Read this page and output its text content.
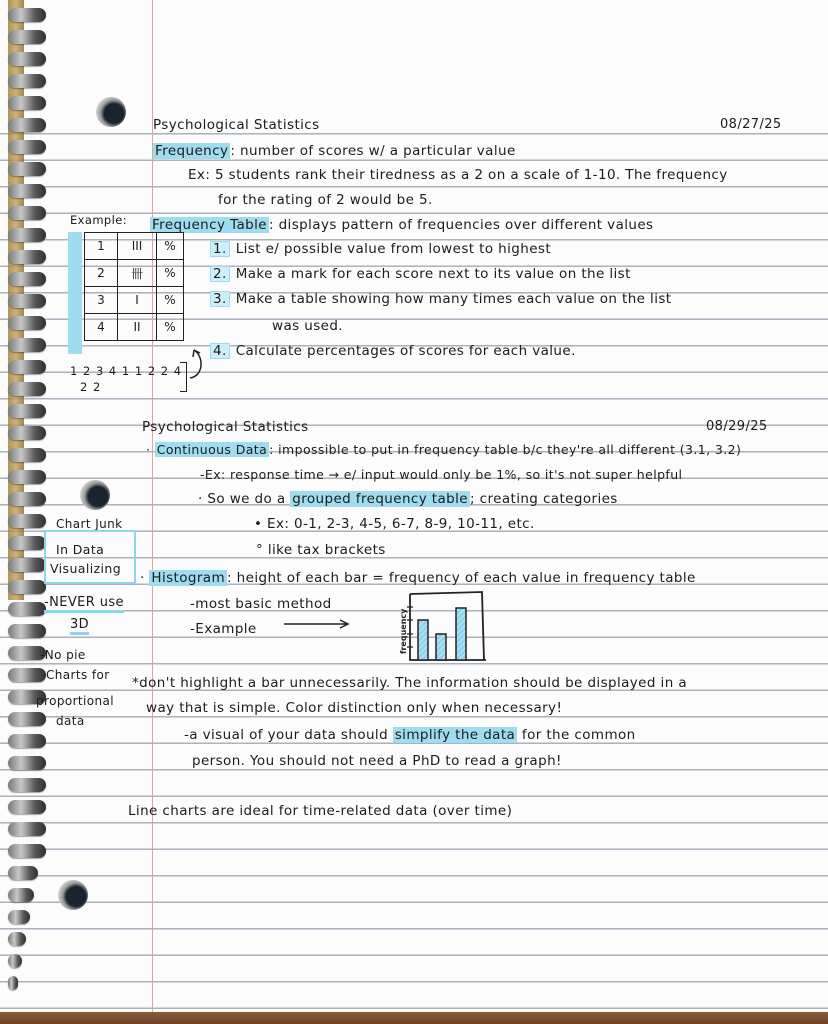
Psychological Statistics	08/27/25
Frequency : number of scores w/ a particular value
Ex: 5 students rank their tiredness as a 2 on a scale of 1-10. The frequency
for the rating of 2 would be 5.
Example: Frequency Table : displays pattern of frequencies over different values
1	III	%
2	卌	%
3	I	%
4	II	%
1. List e/ possible value from lowest to highest
2. Make a mark for each score next to its value on the list
3. Make a table showing how many times each value on the list
was used.
4. Calculate percentages of scores for each value.
1 2 3 4 1 1 2 2 4
2 2
Psychological Statistics	08/29/25
· Continuous Data : impossible to put in frequency table b/c they're all different (3.1, 3.2)
-Ex: response time → e/ input would only be 1%, so it's not super helpful
· So we do a grouped frequency table ; creating categories
• Ex: 0-1, 2-3, 4-5, 6-7, 8-9, 10-11, etc.
° like tax brackets
Chart Junk
In Data
Visualizing
-NEVER use
3D
-No pie
Charts for
proportional
data
· Histogram : height of each bar = frequency of each value in frequency table
-most basic method
-Example	frequency
*don't highlight a bar unnecessarily. The information should be displayed in a
way that is simple. Color distinction only when necessary!
-a visual of your data should simplify the data for the common
person. You should not need a PhD to read a graph!
Line charts are ideal for time-related data (over time)
